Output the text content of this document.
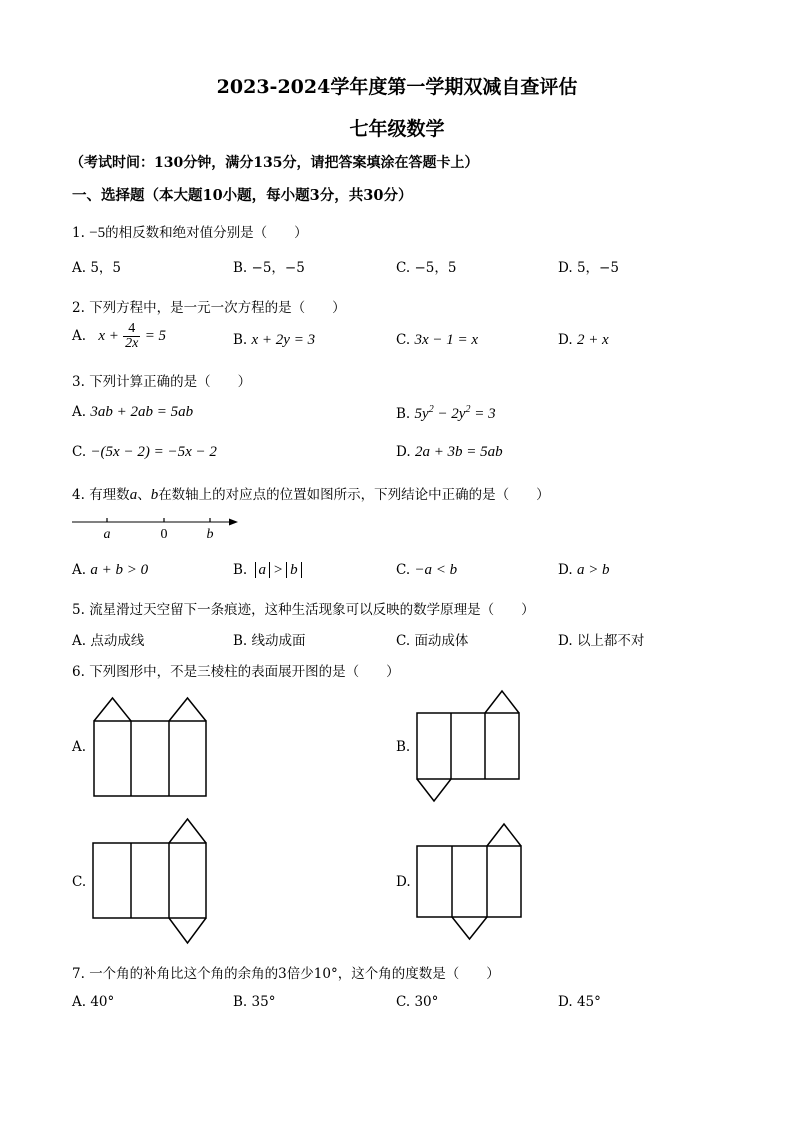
2023-2024学年度第一学期双减自查评估
七年级数学
（考试时间：130分钟，满分135分，请把答案填涂在答题卡上）
一、选择题（本大题10小题，每小题3分，共30分）
1. −5的相反数和绝对值分别是（　　）
A. 5，5	B. −5，−5	C. −5，5	D. 5，−5
2. 下列方程中，是一元一次方程的是（　　）
A. $x + \frac{4}{2x} = 5$	B. x + 2y = 3	C. 3x − 1 = x	D. 2 + x
3. 下列计算正确的是（　　）
A. 3ab + 2ab = 5ab	B. $5y^2 - 2y^2 = 3$
C. −(5x − 2) = −5x − 2	D. 2a + 3b = 5ab
4. 有理数a、b在数轴上的对应点的位置如图所示，下列结论中正确的是（　　）
a	0	b
A. a + b > 0	B. a > b	C. −a < b	D. a > b
5. 流星滑过天空留下一条痕迹，这种生活现象可以反映的数学原理是（　　）
A. 点动成线	B. 线动成面	C. 面动成体	D. 以上都不对
6. 下列图形中，不是三棱柱的表面展开图的是（　　）
A.	B.
C.	D.
7. 一个角的补角比这个角的余角的3倍少10°，这个角的度数是（　　）
A. 40°	B. 35°	C. 30°	D. 45°
